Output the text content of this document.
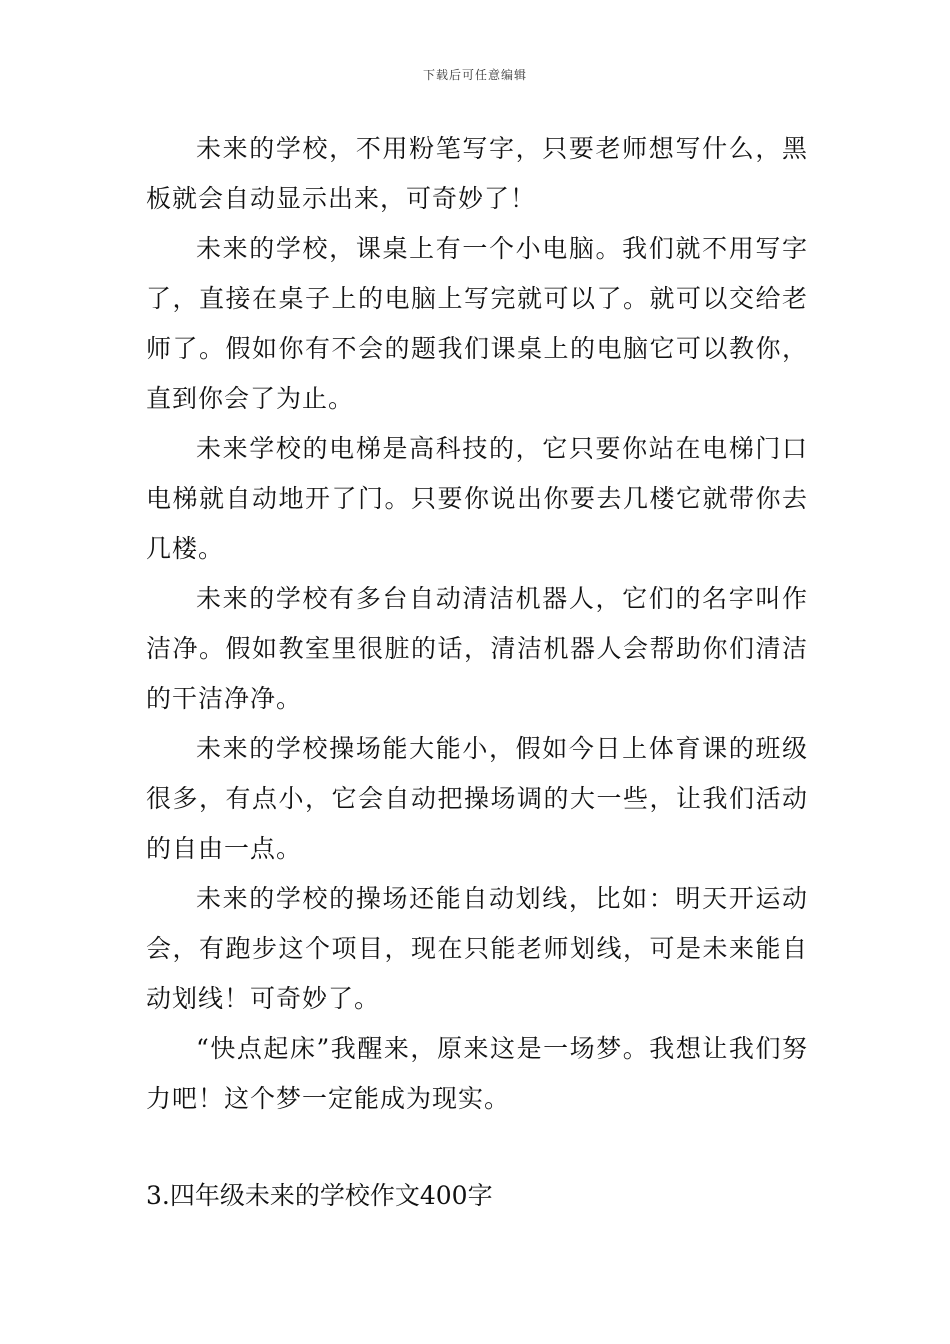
下载后可任意编辑

未来的学校，不用粉笔写字，只要老师想写什么，黑板就会自动显示出来，可奇妙了！

未来的学校，课桌上有一个小电脑。我们就不用写字了，直接在桌子上的电脑上写完就可以了。就可以交给老师了。假如你有不会的题我们课桌上的电脑它可以教你，直到你会了为止。

未来学校的电梯是高科技的，它只要你站在电梯门口电梯就自动地开了门。只要你说出你要去几楼它就带你去几楼。

未来的学校有多台自动清洁机器人，它们的名字叫作洁净。假如教室里很脏的话，清洁机器人会帮助你们清洁的干洁净净。

未来的学校操场能大能小，假如今日上体育课的班级很多，有点小，它会自动把操场调的大一些，让我们活动的自由一点。

未来的学校的操场还能自动划线，比如：明天开运动会，有跑步这个项目，现在只能老师划线，可是未来能自动划线！可奇妙了。

“快点起床”我醒来，原来这是一场梦。我想让我们努力吧！这个梦一定能成为现实。

3.四年级未来的学校作文400字
